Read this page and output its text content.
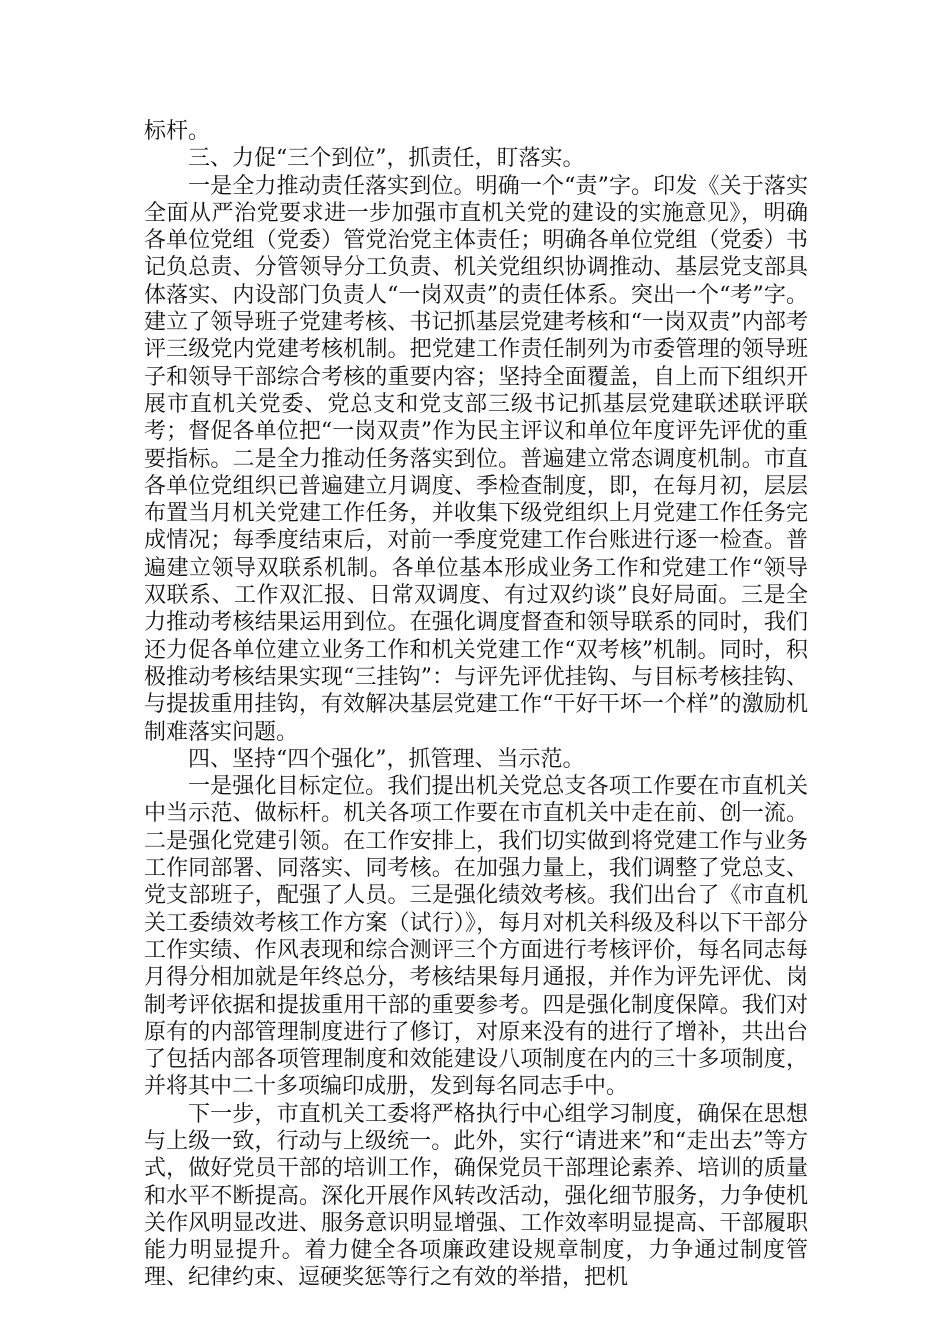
标杆。

三、力促“三个到位”，抓责任，盯落实。

一是全力推动责任落实到位。明确一个“责”字。印发《关于落实全面从严治党要求进一步加强市直机关党的建设的实施意见》，明确各单位党组（党委）管党治党主体责任；明确各单位党组（党委）书记负总责、分管领导分工负责、机关党组织协调推动、基层党支部具体落实、内设部门负责人“一岗双责”的责任体系。突出一个“考”字。建立了领导班子党建考核、书记抓基层党建考核和“一岗双责”内部考评三级党内党建考核机制。把党建工作责任制列为市委管理的领导班子和领导干部综合考核的重要内容；坚持全面覆盖，自上而下组织开展市直机关党委、党总支和党支部三级书记抓基层党建联述联评联考；督促各单位把“一岗双责”作为民主评议和单位年度评先评优的重要指标。二是全力推动任务落实到位。普遍建立常态调度机制。市直各单位党组织已普遍建立月调度、季检查制度，即，在每月初，层层布置当月机关党建工作任务，并收集下级党组织上月党建工作任务完成情况；每季度结束后，对前一季度党建工作台账进行逐一检查。普遍建立领导双联系机制。各单位基本形成业务工作和党建工作“领导双联系、工作双汇报、日常双调度、有过双约谈”良好局面。三是全力推动考核结果运用到位。在强化调度督查和领导联系的同时，我们还力促各单位建立业务工作和机关党建工作“双考核”机制。同时，积极推动考核结果实现“三挂钩”：与评先评优挂钩、与目标考核挂钩、与提拔重用挂钩，有效解决基层党建工作“干好干坏一个样”的激励机制难落实问题。

四、坚持“四个强化”，抓管理、当示范。

一是强化目标定位。我们提出机关党总支各项工作要在市直机关中当示范、做标杆。机关各项工作要在市直机关中走在前、创一流。二是强化党建引领。在工作安排上，我们切实做到将党建工作与业务工作同部署、同落实、同考核。在加强力量上，我们调整了党总支、党支部班子，配强了人员。三是强化绩效考核。我们出台了《市直机关工委绩效考核工作方案（试行）》，每月对机关科级及科以下干部分工作实绩、作风表现和综合测评三个方面进行考核评价，每名同志每月得分相加就是年终总分，考核结果每月通报，并作为评先评优、岗制考评依据和提拔重用干部的重要参考。四是强化制度保障。我们对原有的内部管理制度进行了修订，对原来没有的进行了增补，共出台了包括内部各项管理制度和效能建设八项制度在内的三十多项制度，并将其中二十多项编印成册，发到每名同志手中。

下一步，市直机关工委将严格执行中心组学习制度，确保在思想与上级一致，行动与上级统一。此外，实行“请进来”和“走出去”等方式，做好党员干部的培训工作，确保党员干部理论素养、培训的质量和水平不断提高。深化开展作风转改活动，强化细节服务，力争使机关作风明显改进、服务意识明显增强、工作效率明显提高、干部履职能力明显提升。着力健全各项廉政建设规章制度，力争通过制度管理、纪律约束、逗硬奖惩等行之有效的举措，把机
